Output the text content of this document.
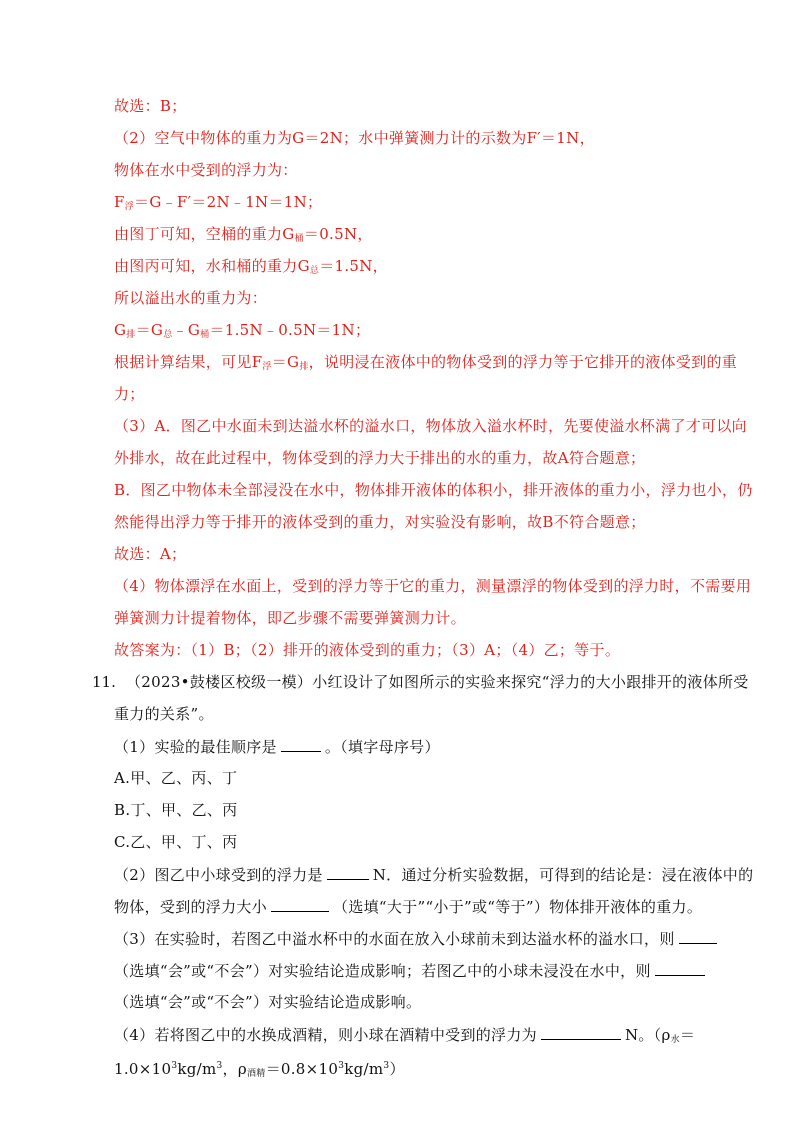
故选：B；
（2）空气中物体的重力为G＝2N；水中弹簧测力计的示数为F′＝1N，
物体在水中受到的浮力为：
$F_浮=G﹣F'=2N﹣1N=1N$；
由图丁可知，空桶的重力$G_桶=0.5N$，
由图丙可知，水和桶的重力$G_总=1.5N$，
所以溢出水的重力为：
$G_排=G_总﹣G_桶=1.5N﹣0.5N=1N$；
根据计算结果，可见$F_浮=G_排$，说明浸在液体中的物体受到的浮力等于它排开的液体受到的重
力；
（3）A．图乙中水面未到达溢水杯的溢水口，物体放入溢水杯时，先要使溢水杯满了才可以向
外排水，故在此过程中，物体受到的浮力大于排出的水的重力，故A符合题意；
B．图乙中物体未全部浸没在水中，物体排开液体的体积小，排开液体的重力小，浮力也小，仍
然能得出浮力等于排开的液体受到的重力，对实验没有影响，故B不符合题意；
故选：A；
（4）物体漂浮在水面上，受到的浮力等于它的重力，测量漂浮的物体受到的浮力时，不需要用
弹簧测力计提着物体，即乙步骤不需要弹簧测力计。
故答案为：（1）B；（2）排开的液体受到的重力；（3）A；（4）乙；等于。
11. （2023•鼓楼区校级一模）小红设计了如图所示的实验来探究“浮力的大小跟排开的液体所受
重力的关系”。
（1）实验的最佳顺序是	。（填字母序号）
A.甲、乙、丙、丁
B.丁、甲、乙、丙
C.乙、甲、丁、丙
（2）图乙中小球受到的浮力是	N．通过分析实验数据，可得到的结论是：浸在液体中的
物体，受到的浮力大小	（选填“大于”“小于”或“等于”）物体排开液体的重力。
（3）在实验时，若图乙中溢水杯中的水面在放入小球前未到达溢水杯的溢水口，则
（选填“会”或“不会”）对实验结论造成影响；若图乙中的小球未浸没在水中，则
（选填“会”或“不会”）对实验结论造成影响。
（4）若将图乙中的水换成酒精，则小球在酒精中受到的浮力为	N。（$\rho_水=$
$1.0\times 10^3kg/m^3$，$\rho_{酒精}=0.8\times 10^3kg/m^3$）
